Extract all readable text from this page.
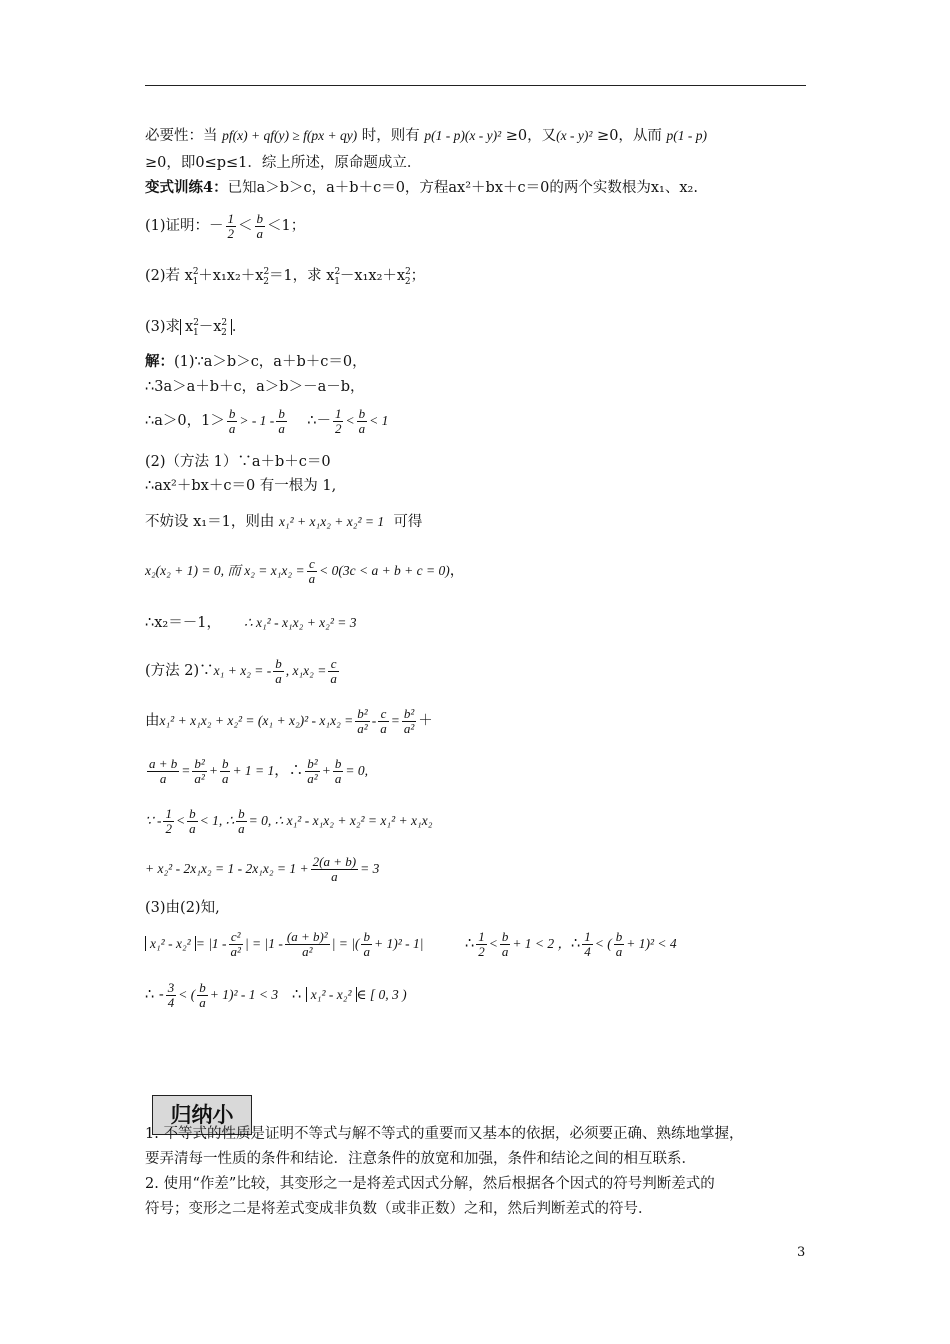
必要性：当 pf(x) + qf(y) ≥ f(px + qy) 时，则有 p(1 - p)(x - y)² ≥0，又(x - y)² ≥0，从而 p(1 - p)
≥0，即0≤p≤1．综上所述，原命题成立．
变式训练4：已知a＞b＞c，a＋b＋c＝0，方程ax²＋bx＋c＝0的两个实数根为x₁、x₂.
(1)证明：－ $\frac{1}{2} < \frac{b}{a} <1$；
(2)若 $x^2_1+x_1x_2+x^2_2=1$，求 $x^2_1-x_1x_2+x^2_2$；
(3)求 $x^2_1-x^2_2$ ．
解：(1)∵a＞b＞c，a＋b＋c＝0，
∴3a＞a＋b＋c，a＞b＞－a－b，
∴a＞0，$1> \frac{b}{a}$ > - $1 - \frac{b}{a}$ ∴－ $\frac{1}{2} < \frac{b}{a} < 1$
(2)（方法 1）∵a＋b＋c＝0
∴ax²＋bx＋c＝0 有一根为 1,
不妨设 x₁＝1，则由 x₁² + x₁x₂ + x₂² = 1 可得
x₂(x₂ + 1) = 0, 而 $x_2 = x_1x_2 = \frac{c}{a} < 0(3c < a + b + c = 0)$，
∴x₂＝－1， ∴ x₁² - x₁x₂ + x₂² = 3
(方法 2)∵x₁ + x₂ = - $\frac{b}{a}$ , $x_1x_2 = \frac{c}{a}$
由$x_1^2 + x_1x_2 + x_2^2 = (x_1 + x_2)^2 - x_1x_2 = \frac{\text{b²}}{\text{a²}} - \frac{c}{a} = \frac{\text{b²}}{\text{a²}}$ ＋
$\frac{a + b}{a} = \frac{\text{b²}}{\text{a²}} + \frac{b}{a} + 1 = 1$，∴ $\frac{\text{b²}}{\text{a²}} + \frac{b}{a} = 0$,
∵ - $\frac{1}{2} < \frac{b}{a} < 1$, ∴ $\frac{b}{a} = 0$, ∴ x₁² - x₁x₂ + x₂² = x₁² + x₁x₂
+ $x_2^2 - 2x_1x_2 = 1 - 2x_1x_2 = 1 + \frac{2(a + b)}{a} = 3$
(3)由(2)知,
$x_1^2 - x_2^2 = |1 - \frac{\text{c²}}{\text{a²}}$ | = $|1 - \frac{\text{(a + b)²}}{\text{a²}}$ | = |( $\frac{b}{a} + 1)^2 - 1|$	∴ $\frac{1}{2} < \frac{b}{a} + 1 < 2$ ，∴ $\frac{1}{4}$ < ( $\frac{b}{a} + 1)^2 < 4$
∴ - $\frac{3}{4}$ < ( $\frac{b}{a} + 1)^2 - 1 < 3$ ∴ x₁² - x₂² ∈ [ 0, 3 )
归纳小
1. 不等式的性质是证明不等式与解不等式的重要而又基本的依据，必须要正确、熟练地掌握，
要弄清每一性质的条件和结论．注意条件的放宽和加强，条件和结论之间的相互联系．
2. 使用“作差”比较，其变形之一是将差式因式分解，然后根据各个因式的符号判断差式的
符号；变形之二是将差式变成非负数（或非正数）之和，然后判断差式的符号．
3
